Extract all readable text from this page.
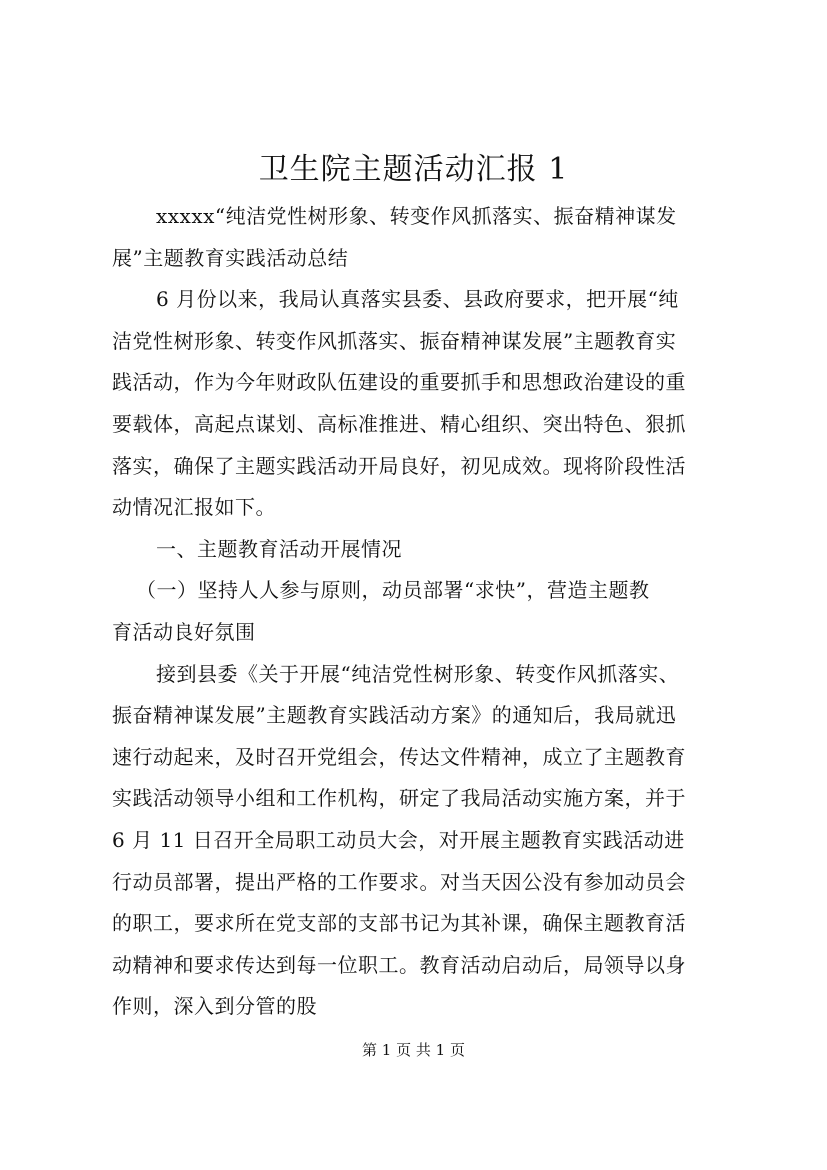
卫生院主题活动汇报 1
xxxxx“纯洁党性树形象、转变作风抓落实、振奋精神谋发
展”主题教育实践活动总结
6 月份以来，我局认真落实县委、县政府要求，把开展“纯
洁党性树形象、转变作风抓落实、振奋精神谋发展”主题教育实
践活动，作为今年财政队伍建设的重要抓手和思想政治建设的重
要载体，高起点谋划、高标准推进、精心组织、突出特色、狠抓
落实，确保了主题实践活动开局良好，初见成效。现将阶段性活
动情况汇报如下。
一、主题教育活动开展情况
（一）坚持人人参与原则，动员部署“求快”，营造主题教
育活动良好氛围
接到县委《关于开展“纯洁党性树形象、转变作风抓落实、
振奋精神谋发展”主题教育实践活动方案》的通知后，我局就迅
速行动起来，及时召开党组会，传达文件精神，成立了主题教育
实践活动领导小组和工作机构，研定了我局活动实施方案，并于
6 月 11 日召开全局职工动员大会，对开展主题教育实践活动进
行动员部署，提出严格的工作要求。对当天因公没有参加动员会
的职工，要求所在党支部的支部书记为其补课，确保主题教育活
动精神和要求传达到每一位职工。教育活动启动后，局领导以身
作则，深入到分管的股
第 1 页 共 1 页
